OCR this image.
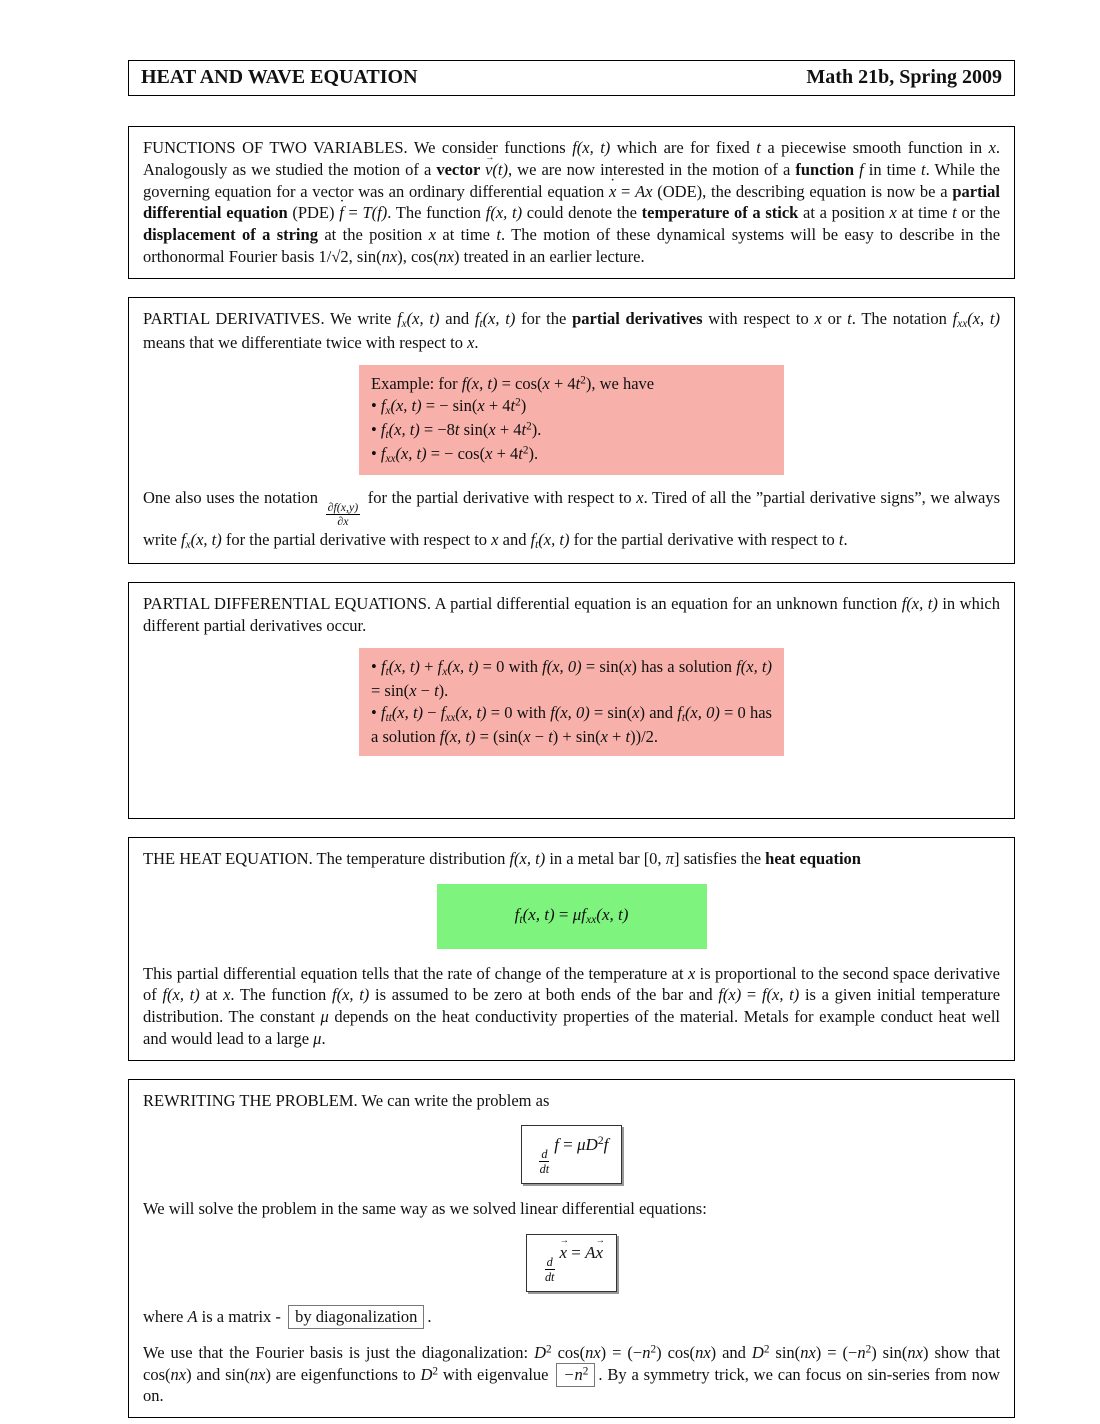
HEAT AND WAVE EQUATION	Math 21b, Spring 2009

FUNCTIONS OF TWO VARIABLES. We consider functions f(x, t) which are for fixed t a piecewise smooth function in x. Analogously as we studied the motion of a vector v →(t), we are now interested in the motion of a function f in time t. While the governing equation for a vector was an ordinary differential equation x ˙ = Ax (ODE), the describing equation is now be a partial differential equation (PDE) f ˙ = T(f). The function f(x, t) could denote the temperature of a stick at a position x at time t or the displacement of a string at the position x at time t. The motion of these dynamical systems will be easy to describe in the orthonormal Fourier basis 1/√2, sin(nx), cos(nx) treated in an earlier lecture.

PARTIAL DERIVATIVES. We write $f_x(x$, t) and $f_t(x$, t) for the partial derivatives with respect to x or t. The notation $f_{xx}(x$, t) means that we differentiate twice with respect to x.

Example: for f(x, $t) = \cos(x + 4t^2)$, we have
• $f_x(x$, t) = − $\sin(x + 4t^2)$
• $f_t(x$, t) = −8t $\sin(x + 4t^2)$.
• $f_{xx}(x$, t) = − $\cos(x + 4t^2)$.

One also uses the notation
$\frac{\partial f(x,y)}{\partial x}$
for the partial derivative with respect to x. Tired of all the ”partial derivative signs”, we always write $f_x(x$, t) for the partial derivative with respect to x and $f_t(x$, t) for the partial derivative with respect to t.

PARTIAL DIFFERENTIAL EQUATIONS. A partial differential equation is an equation for an unknown function f(x, t) in which different partial derivatives occur.

• $f_t(x$, $t) + f_x(x$, t) = 0 with f(x, 0) = sin(x) has a solution f(x, t) = sin(x − t).
• $f_{tt}(x$, $t) - f_{xx}(x$, t) = 0 with f(x, 0) = sin(x) and $f_t(x$, 0) = 0 has a solution f(x, t) = (sin(x − t) + sin(x + t))/2.

THE HEAT EQUATION. The temperature distribution f(x, t) in a metal bar [0, π] satisfies the heat equation

$f_t(x$, $t) = \mu f_{xx}(x$, t)

This partial differential equation tells that the rate of change of the temperature at x is proportional to the second space derivative of f(x, t) at x. The function f(x, t) is assumed to be zero at both ends of the bar and f(x) = f(x, t) is a given initial temperature distribution. The constant μ depends on the heat conductivity properties of the material. Metals for example conduct heat well and would lead to a large μ.

REWRITING THE PROBLEM. We can write the problem as

$\frac{d}{dt}$
$f = \mu D^2f$

We will solve the problem in the same way as we solved linear differential equations:

$\frac{d}{dt}$
x → = Ax →

where A is a matrix - by diagonalization .

We use that the Fourier basis is just the diagonalization: $D^2$ $\cos(nx) = (-n^2)$ cos(nx) and $D^2$ $\sin(nx) = (-n^2)$ sin(nx) show that cos(nx) and sin(nx) are eigenfunctions to $D^2$ with eigenvalue $-n^2$ . By a symmetry trick, we can focus on sin-series from now on.
